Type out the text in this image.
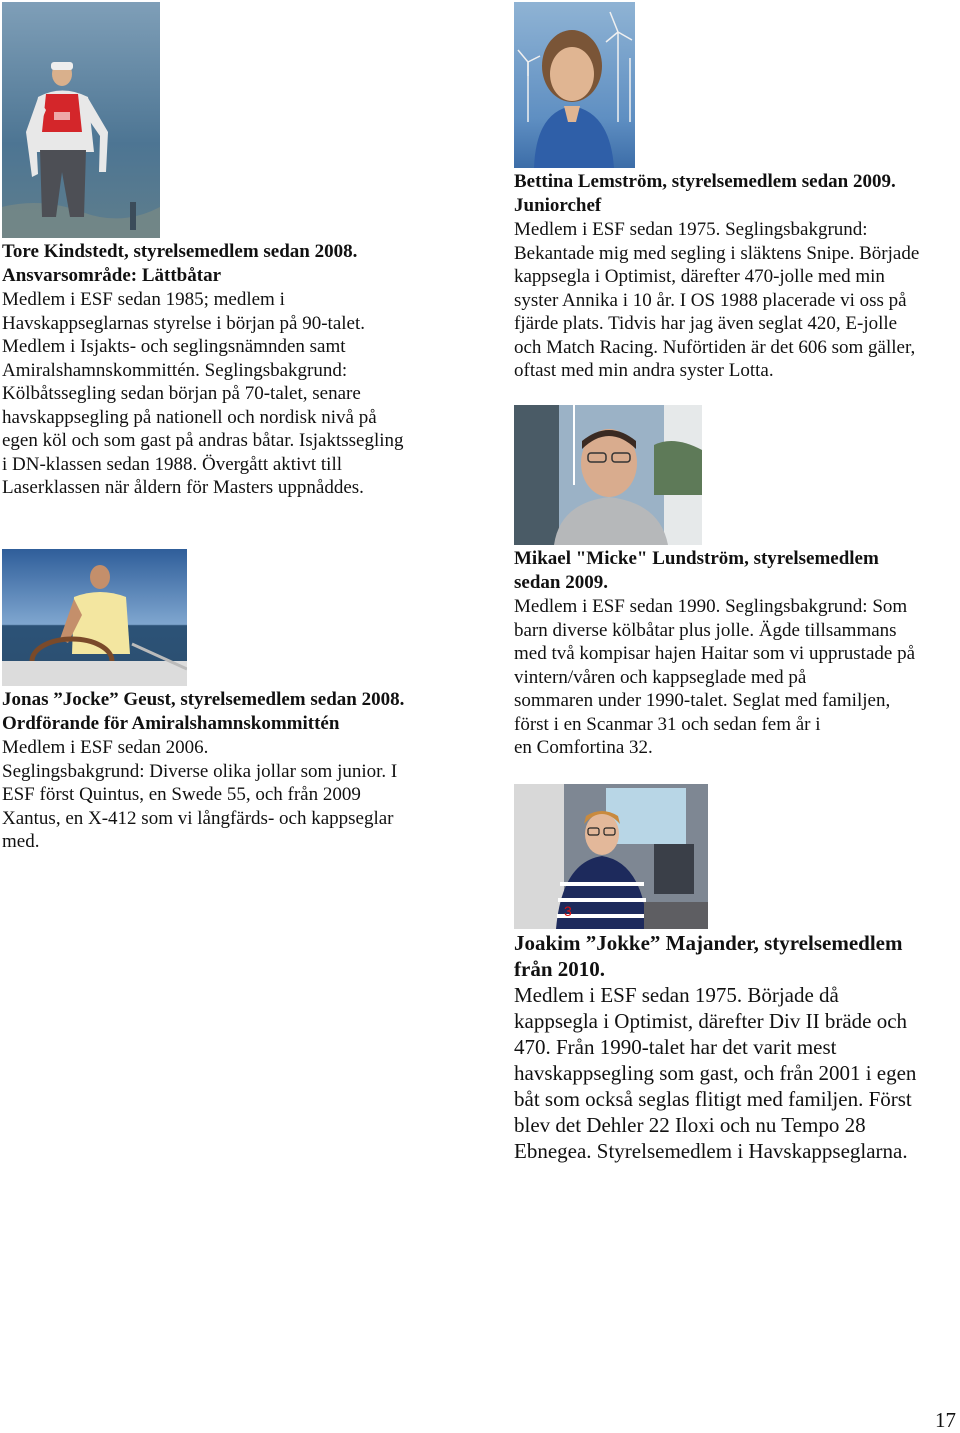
3
Tore Kindstedt, styrelsemedlem sedan 2008.
Ansvarsområde: Lättbåtar

Medlem i ESF sedan 1985; medlem i
Havskappseglarnas styrelse i början på 90-talet.
Medlem i Isjakts- och seglingsnämnden samt
Amiralshamnskommittén. Seglingsbakgrund:
Kölbåtssegling sedan början på 70-talet, senare
havskappsegling på nationell och nordisk nivå på
egen köl och som gast på andras båtar. Isjaktssegling
i DN-klassen sedan 1988. Övergått aktivt till
Laserklassen när åldern för Masters uppnåddes.

Bettina Lemström, styrelsemedlem sedan 2009.
Juniorchef

Medlem i ESF sedan 1975. Seglingsbakgrund:
Bekantade mig med segling i släktens Snipe. Började
kappsegla i Optimist, därefter 470-jolle med min
syster Annika i 10 år. I OS 1988 placerade vi oss på
fjärde plats. Tidvis har jag även seglat 420, E-jolle
och Match Racing. Nuförtiden är det 606 som gäller,
oftast med min andra syster Lotta.

Mikael "Micke" Lundström, styrelsemedlem
sedan 2009.

Medlem i ESF sedan 1990. Seglingsbakgrund: Som
barn diverse kölbåtar plus jolle. Ägde tillsammans
med två kompisar hajen Haitar som vi upprustade på
vintern/våren och kappseglade med på
sommaren under 1990-talet. Seglat med familjen,
först i en Scanmar 31 och sedan fem år i
en Comfortina 32.

Jonas ”Jocke” Geust, styrelsemedlem sedan 2008.
Ordförande för Amiralshamnskommittén

Medlem i ESF sedan 2006.
Seglingsbakgrund: Diverse olika jollar som junior. I
ESF först Quintus, en Swede 55, och från 2009
Xantus, en X-412 som vi långfärds- och kappseglar
med.

Joakim ”Jokke” Majander, styrelsemedlem
från 2010.

Medlem i ESF sedan 1975. Började då
kappsegla i Optimist, därefter Div II bräde och
470. Från 1990-talet har det varit mest
havskappsegling som gast, och från 2001 i egen
båt som också seglas flitigt med familjen. Först
blev det Dehler 22 Iloxi och nu Tempo 28
Ebnegea. Styrelsemedlem i Havskappseglarna.

17
